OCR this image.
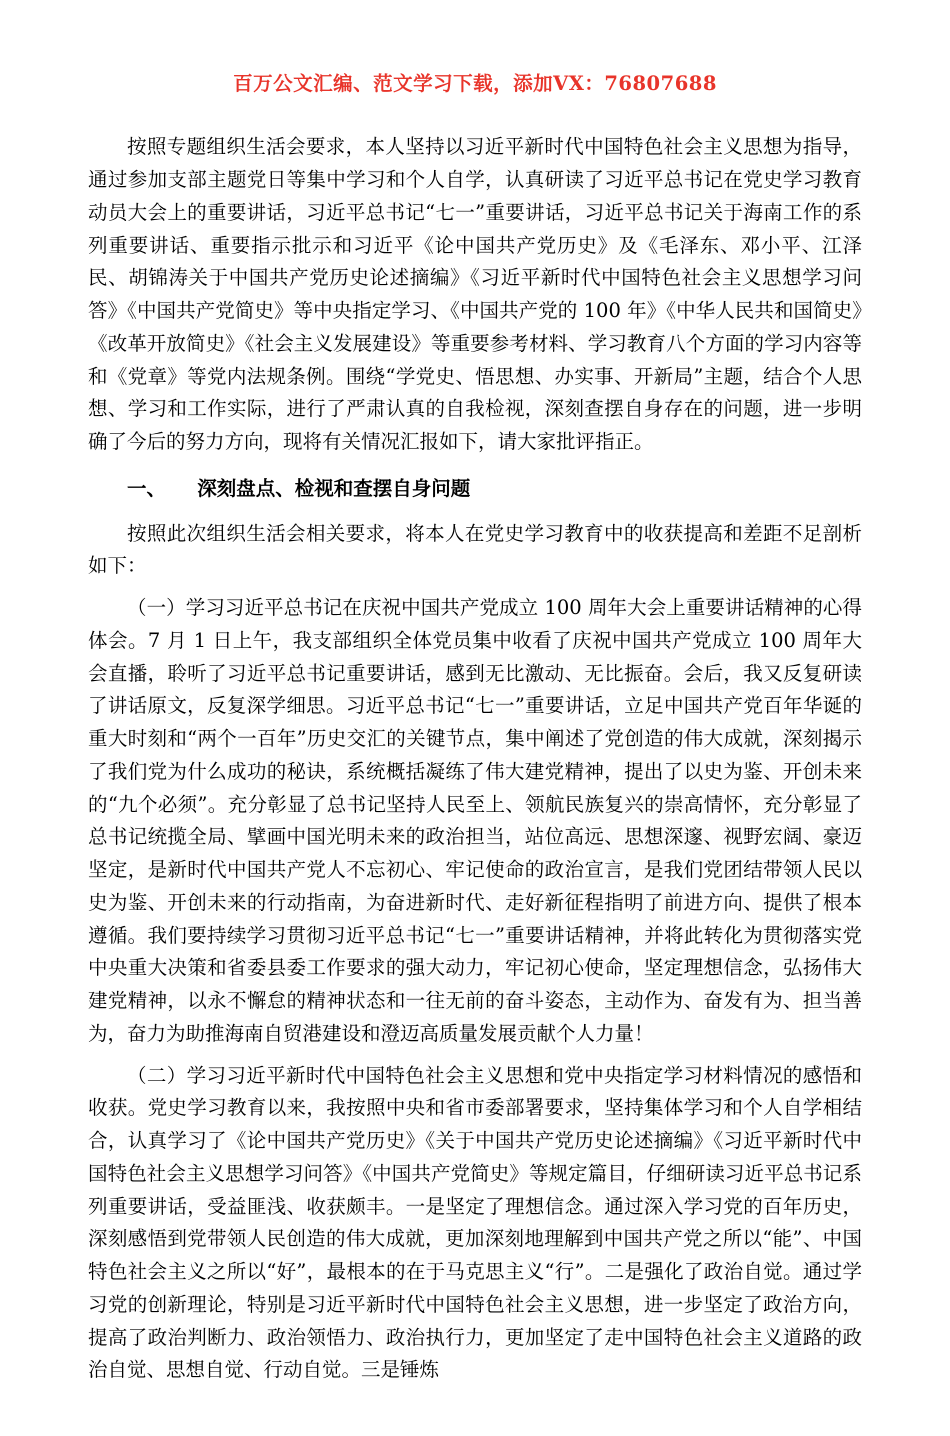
百万公文汇编、范文学习下载，添加VX：76807688

按照专题组织生活会要求，本人坚持以习近平新时代中国特色社会主义思想为指导，通过参加支部主题党日等集中学习和个人自学，认真研读了习近平总书记在党史学习教育动员大会上的重要讲话，习近平总书记“七一”重要讲话，习近平总书记关于海南工作的系列重要讲话、重要指示批示和习近平《论中国共产党历史》及《毛泽东、邓小平、江泽民、胡锦涛关于中国共产党历史论述摘编》《习近平新时代中国特色社会主义思想学习问答》《中国共产党简史》等中央指定学习、《中国共产党的 100 年》《中华人民共和国简史》《改革开放简史》《社会主义发展建设》等重要参考材料、学习教育八个方面的学习内容等和《党章》等党内法规条例。围绕“学党史、悟思想、办实事、开新局”主题，结合个人思想、学习和工作实际，进行了严肃认真的自我检视，深刻查摆自身存在的问题，进一步明确了今后的努力方向，现将有关情况汇报如下，请大家批评指正。

一、 深刻盘点、检视和查摆自身问题

按照此次组织生活会相关要求，将本人在党史学习教育中的收获提高和差距不足剖析如下：

（一）学习习近平总书记在庆祝中国共产党成立 100 周年大会上重要讲话精神的心得体会。7 月 1 日上午，我支部组织全体党员集中收看了庆祝中国共产党成立 100 周年大会直播，聆听了习近平总书记重要讲话，感到无比激动、无比振奋。会后，我又反复研读了讲话原文，反复深学细思。习近平总书记“七一”重要讲话，立足中国共产党百年华诞的重大时刻和“两个一百年”历史交汇的关键节点，集中阐述了党创造的伟大成就，深刻揭示了我们党为什么成功的秘诀，系统概括凝练了伟大建党精神，提出了以史为鉴、开创未来的“九个必须”。充分彰显了总书记坚持人民至上、领航民族复兴的崇高情怀，充分彰显了总书记统揽全局、擘画中国光明未来的政治担当，站位高远、思想深邃、视野宏阔、豪迈坚定，是新时代中国共产党人不忘初心、牢记使命的政治宣言，是我们党团结带领人民以史为鉴、开创未来的行动指南，为奋进新时代、走好新征程指明了前进方向、提供了根本遵循。我们要持续学习贯彻习近平总书记“七一”重要讲话精神，并将此转化为贯彻落实党中央重大决策和省委县委工作要求的强大动力，牢记初心使命，坚定理想信念，弘扬伟大建党精神，以永不懈怠的精神状态和一往无前的奋斗姿态，主动作为、奋发有为、担当善为，奋力为助推海南自贸港建设和澄迈高质量发展贡献个人力量！

（二）学习习近平新时代中国特色社会主义思想和党中央指定学习材料情况的感悟和收获。党史学习教育以来，我按照中央和省市委部署要求，坚持集体学习和个人自学相结合，认真学习了《论中国共产党历史》《关于中国共产党历史论述摘编》《习近平新时代中国特色社会主义思想学习问答》《中国共产党简史》等规定篇目，仔细研读习近平总书记系列重要讲话，受益匪浅、收获颇丰。一是坚定了理想信念。通过深入学习党的百年历史，深刻感悟到党带领人民创造的伟大成就，更加深刻地理解到中国共产党之所以“能”、中国特色社会主义之所以“好”，最根本的在于马克思主义“行”。二是强化了政治自觉。通过学习党的创新理论，特别是习近平新时代中国特色社会主义思想，进一步坚定了政治方向，提高了政治判断力、政治领悟力、政治执行力，更加坚定了走中国特色社会主义道路的政治自觉、思想自觉、行动自觉。三是锤炼
